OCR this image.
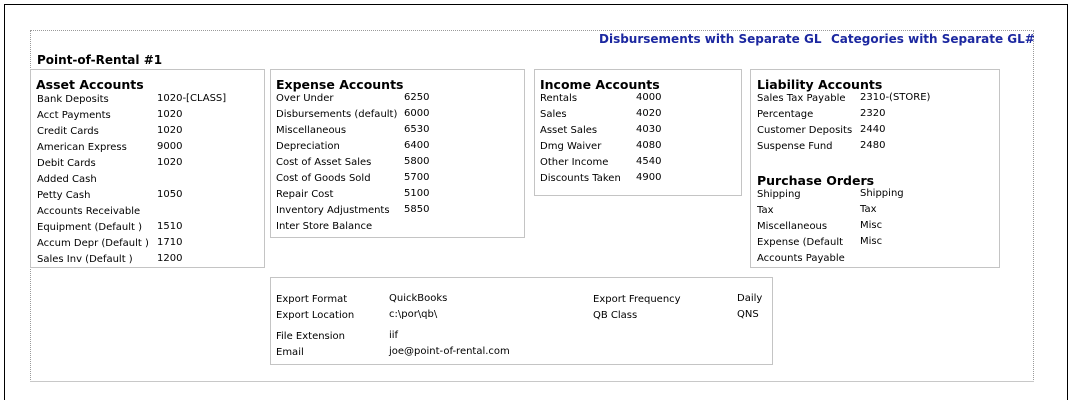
Disbursements with Separate GL Categories with Separate GL#
Point-of-Rental #1
Asset Accounts
Bank Deposits	1020-[CLASS]
Acct Payments	1020
Credit Cards	1020
American Express	9000
Debit Cards	1020
Added Cash
Petty Cash	1050
Accounts Receivable
Equipment (Default )	1510
Accum Depr (Default ) 1710
Sales Inv (Default )	1200
Expense Accounts
Over Under	6250
Disbursements (default) 6000
Miscellaneous	6530
Depreciation	6400
Cost of Asset Sales	5800
Cost of Goods Sold	5700
Repair Cost	5100
Inventory Adjustments	5850
Inter Store Balance
Income Accounts
Rentals	4000
Sales	4020
Asset Sales	4030
Dmg Waiver	4080
Other Income	4540
Discounts Taken	4900
Liability Accounts
Sales Tax Payable	2310-(STORE)
Percentage	2320
Customer Deposits 2440
Suspense Fund	2480
Purchase Orders
Shipping	Shipping
Tax	Tax
Miscellaneous	Misc
Expense (Default	Misc
Accounts Payable
Export Format	QuickBooks
Export Location	c:\por\qb\
File Extension	iif
Email	joe@point-of-rental.com
Export Frequency	Daily
QB Class	QNS
